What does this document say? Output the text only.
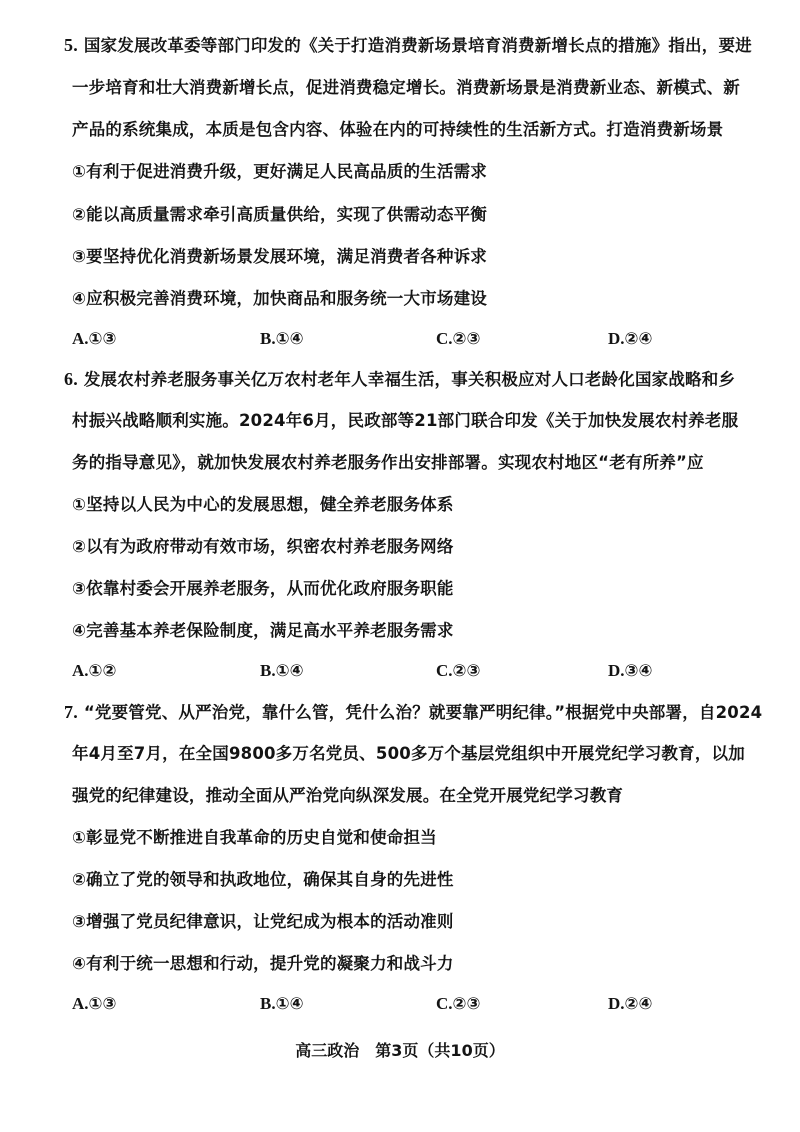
5. 国家发展改革委等部门印发的《关于打造消费新场景培育消费新增长点的措施》指出，要进
一步培育和壮大消费新增长点，促进消费稳定增长。消费新场景是消费新业态、新模式、新
产品的系统集成，本质是包含内容、体验在内的可持续性的生活新方式。打造消费新场景
①有利于促进消费升级，更好满足人民高品质的生活需求
②能以高质量需求牵引高质量供给，实现了供需动态平衡
③要坚持优化消费新场景发展环境，满足消费者各种诉求
④应积极完善消费环境，加快商品和服务统一大市场建设
A.①③	B.①④	C.②③	D.②④
6. 发展农村养老服务事关亿万农村老年人幸福生活，事关积极应对人口老龄化国家战略和乡
村振兴战略顺利实施。2024年6月，民政部等21部门联合印发《关于加快发展农村养老服
务的指导意见》，就加快发展农村养老服务作出安排部署。实现农村地区“老有所养”应
①坚持以人民为中心的发展思想，健全养老服务体系
②以有为政府带动有效市场，织密农村养老服务网络
③依靠村委会开展养老服务，从而优化政府服务职能
④完善基本养老保险制度，满足高水平养老服务需求
A.①②	B.①④	C.②③	D.③④
7. “党要管党、从严治党，靠什么管，凭什么治？就要靠严明纪律。”根据党中央部署，自2024
年4月至7月，在全国9800多万名党员、500多万个基层党组织中开展党纪学习教育，以加
强党的纪律建设，推动全面从严治党向纵深发展。在全党开展党纪学习教育
①彰显党不断推进自我革命的历史自觉和使命担当
②确立了党的领导和执政地位，确保其自身的先进性
③增强了党员纪律意识，让党纪成为根本的活动准则
④有利于统一思想和行动，提升党的凝聚力和战斗力
A.①③	B.①④	C.②③	D.②④
高三政治　第3页（共10页）
